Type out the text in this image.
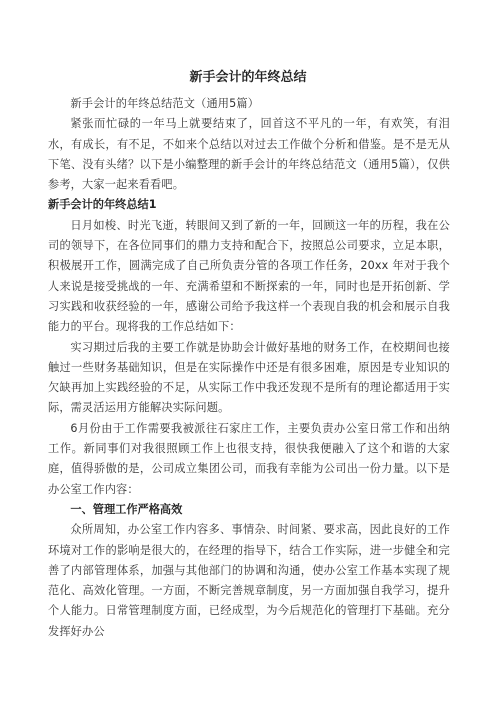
新手会计的年终总结

新手会计的年终总结范文（通用5篇）

紧张而忙碌的一年马上就要结束了，回首这不平凡的一年，有欢笑，有泪水，有成长，有不足，不如来个总结以对过去工作做个分析和借鉴。是不是无从下笔、没有头绪？以下是小编整理的新手会计的年终总结范文（通用5篇），仅供参考，大家一起来看看吧。

新手会计的年终总结1

日月如梭、时光飞逝，转眼间又到了新的一年，回顾这一年的历程，我在公司的领导下，在各位同事们的鼎力支持和配合下，按照总公司要求，立足本职，积极展开工作，圆满完成了自己所负责分管的各项工作任务，20xx 年对于我个人来说是接受挑战的一年、充满希望和不断探索的一年，同时也是开拓创新、学习实践和收获经验的一年，感谢公司给予我这样一个表现自我的机会和展示自我能力的平台。现将我的工作总结如下：

实习期过后我的主要工作就是协助会计做好基地的财务工作，在校期间也接触过一些财务基础知识，但是在实际操作中还是有很多困难，原因是专业知识的欠缺再加上实践经验的不足，从实际工作中我还发现不是所有的理论都适用于实际，需灵活运用方能解决实际问题。

6月份由于工作需要我被派往石家庄工作，主要负责办公室日常工作和出纳工作。新同事们对我很照顾工作上也很支持，很快我便融入了这个和谐的大家庭，值得骄傲的是，公司成立集团公司，而我有幸能为公司出一份力量。以下是办公室工作内容：

一、管理工作严格高效

众所周知，办公室工作内容多、事情杂、时间紧、要求高，因此良好的工作环境对工作的影响是很大的，在经理的指导下，结合工作实际，进一步健全和完善了内部管理体系，加强与其他部门的协调和沟通，使办公室工作基本实现了规范化、高效化管理。一方面，不断完善规章制度，另一方面加强自我学习，提升个人能力。日常管理制度方面，已经成型，为今后规范化的管理打下基础。充分发挥好办公
